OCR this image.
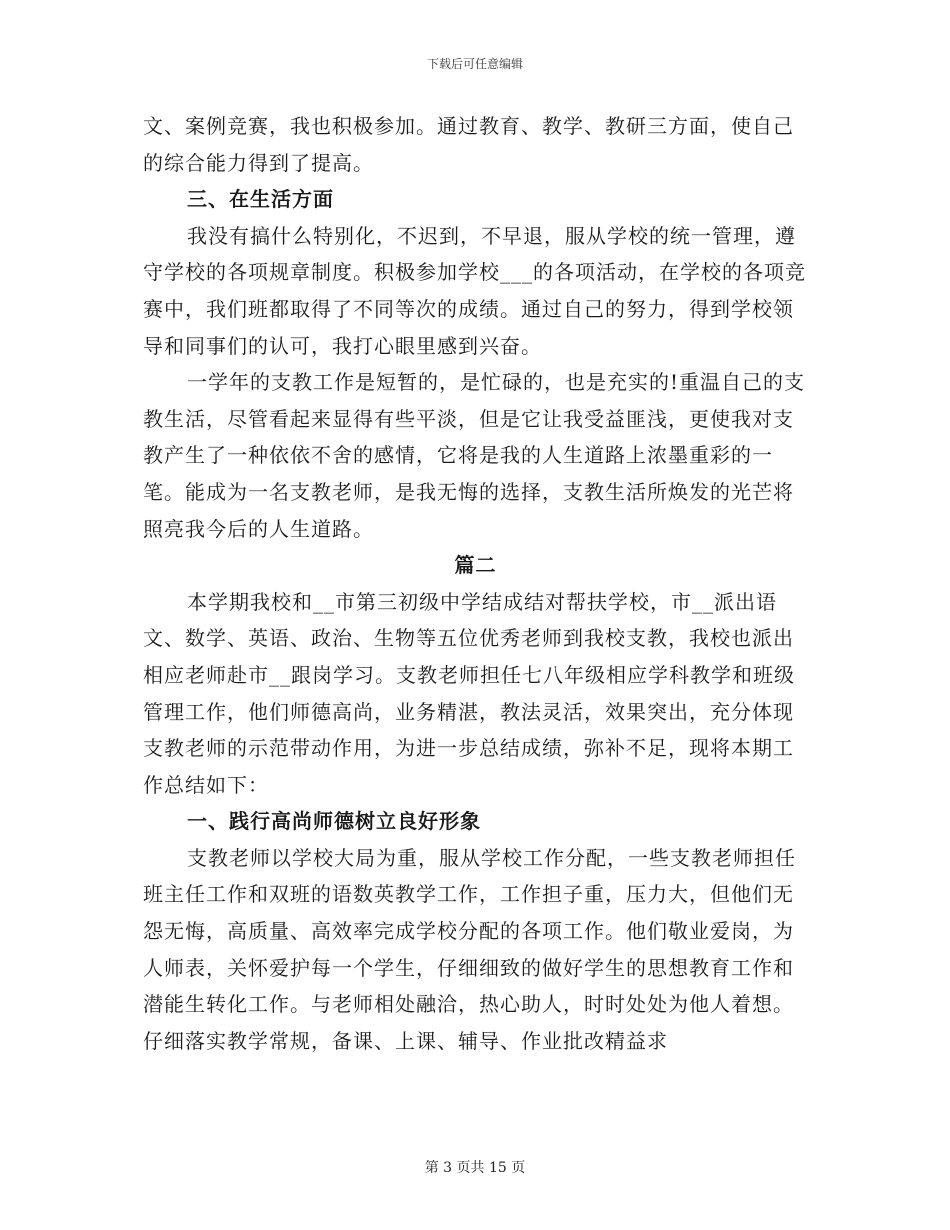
下载后可任意编辑

文、案例竞赛，我也积极参加。通过教育、教学、教研三方面，使自己的综合能力得到了提高。

三、在生活方面

我没有搞什么特别化，不迟到，不早退，服从学校的统一管理，遵守学校的各项规章制度。积极参加学校___的各项活动，在学校的各项竞赛中，我们班都取得了不同等次的成绩。通过自己的努力，得到学校领导和同事们的认可，我打心眼里感到兴奋。

一学年的支教工作是短暂的，是忙碌的，也是充实的!重温自己的支教生活，尽管看起来显得有些平淡，但是它让我受益匪浅，更使我对支教产生了一种依依不舍的感情，它将是我的人生道路上浓墨重彩的一笔。能成为一名支教老师，是我无悔的选择，支教生活所焕发的光芒将照亮我今后的人生道路。

篇二

本学期我校和__市第三初级中学结成结对帮扶学校，市__派出语文、数学、英语、政治、生物等五位优秀老师到我校支教，我校也派出相应老师赴市__跟岗学习。支教老师担任七八年级相应学科教学和班级管理工作，他们师德高尚，业务精湛，教法灵活，效果突出，充分体现支教老师的示范带动作用，为进一步总结成绩，弥补不足，现将本期工作总结如下：

一、践行高尚师德树立良好形象

支教老师以学校大局为重，服从学校工作分配，一些支教老师担任班主任工作和双班的语数英教学工作，工作担子重，压力大，但他们无怨无悔，高质量、高效率完成学校分配的各项工作。他们敬业爱岗，为人师表，关怀爱护每一个学生，仔细细致的做好学生的思想教育工作和潜能生转化工作。与老师相处融洽，热心助人，时时处处为他人着想。仔细落实教学常规，备课、上课、辅导、作业批改精益求

第 3 页共 15 页
